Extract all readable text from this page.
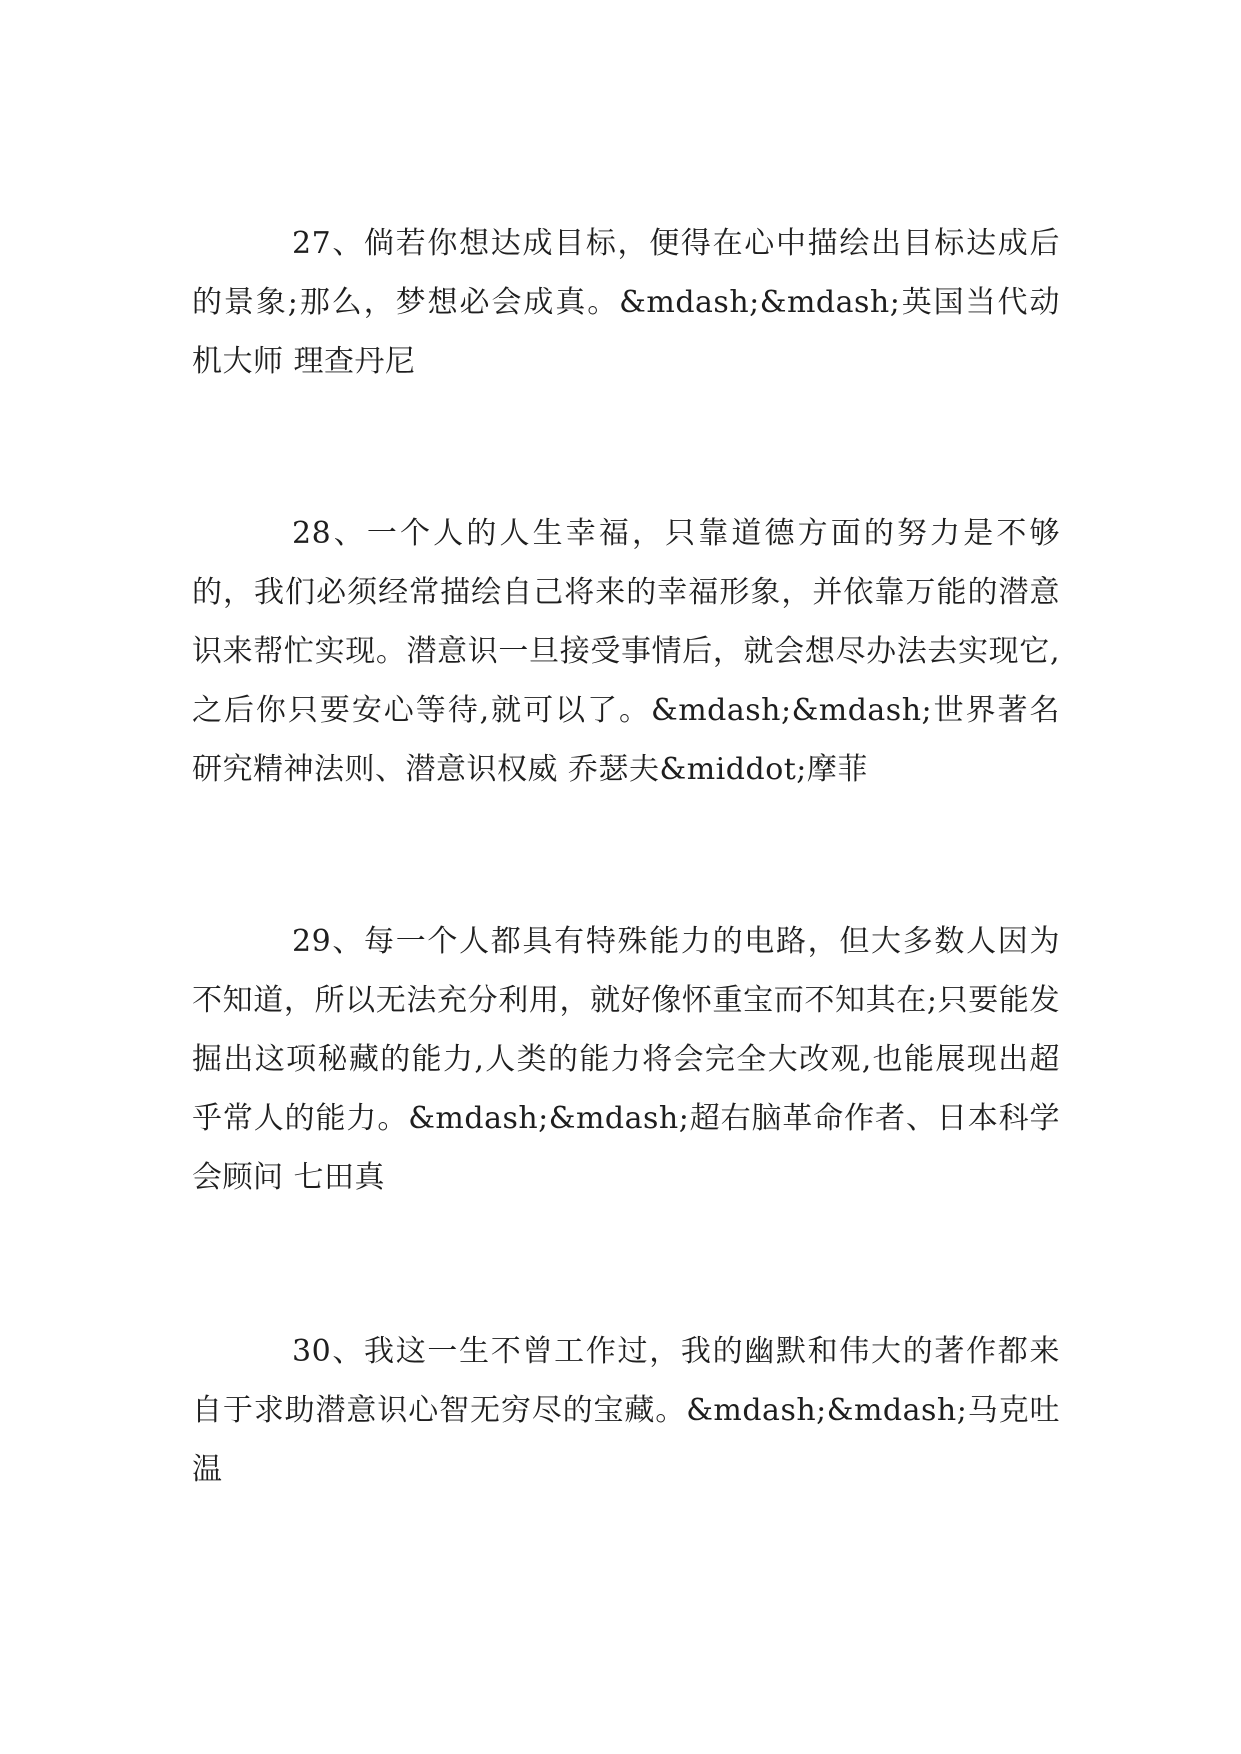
27、倘若你想达成目标，便得在心中描绘出目标达成后的景象;那么，梦想必会成真。&mdash;&mdash;英国当代动机大师 理查丹尼

28、一个人的人生幸福，只靠道德方面的努力是不够的，我们必须经常描绘自己将来的幸福形象，并依靠万能的潜意识来帮忙实现。潜意识一旦接受事情后，就会想尽办法去实现它,之后你只要安心等待,就可以了。&mdash;&mdash;世界著名研究精神法则、潜意识权威 乔瑟夫&middot;摩菲

29、每一个人都具有特殊能力的电路，但大多数人因为不知道，所以无法充分利用，就好像怀重宝而不知其在;只要能发掘出这项秘藏的能力,人类的能力将会完全大改观,也能展现出超乎常人的能力。&mdash;&mdash;超右脑革命作者、日本科学会顾问 七田真

30、我这一生不曾工作过，我的幽默和伟大的著作都来自于求助潜意识心智无穷尽的宝藏。&mdash;&mdash;马克吐温
